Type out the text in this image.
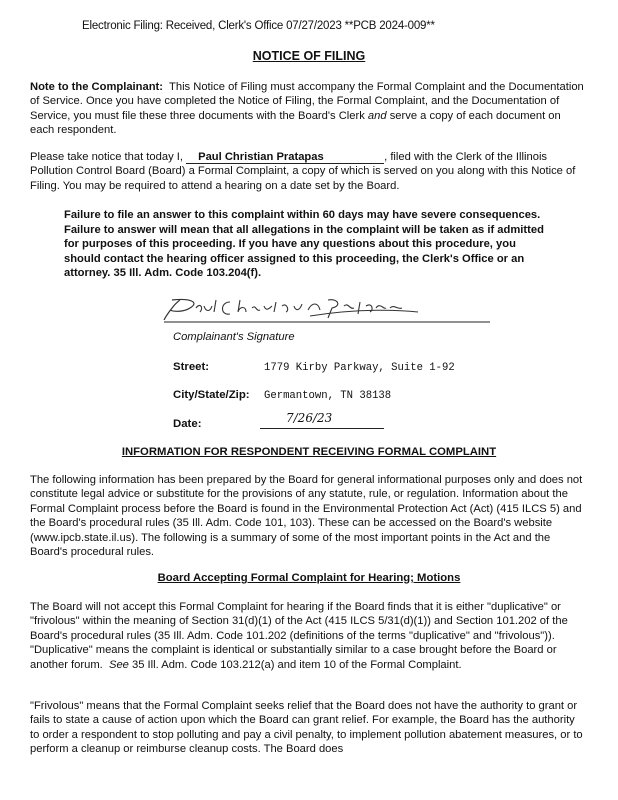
Electronic Filing: Received, Clerk's Office 07/27/2023 **PCB 2024-009**
NOTICE OF FILING

Note to the Complainant: This Notice of Filing must accompany the Formal Complaint and the Documentation of Service. Once you have completed the Notice of Filing, the Formal Complaint, and the Documentation of Service, you must file these three documents with the Board's Clerk and serve a copy of each document on each respondent.

Please take notice that today I, Paul Christian Pratapas	, filed with the Clerk of the Illinois Pollution Control Board (Board) a Formal Complaint, a copy of which is served on you along with this Notice of Filing. You may be required to attend a hearing on a date set by the Board.

Failure to file an answer to this complaint within 60 days may have severe consequences. Failure to answer will mean that all allegations in the complaint will be taken as if admitted for purposes of this proceeding. If you have any questions about this procedure, you should contact the hearing officer assigned to this proceeding, the Clerk's Office or an attorney. 35 Ill. Adm. Code 103.204(f).

Complainant's Signature
Street:	1779 Kirby Parkway, Suite 1-92
City/State/Zip: Germantown, TN 38138
Date:	7/26/23
INFORMATION FOR RESPONDENT RECEIVING FORMAL COMPLAINT

The following information has been prepared by the Board for general informational purposes only and does not constitute legal advice or substitute for the provisions of any statute, rule, or regulation. Information about the Formal Complaint process before the Board is found in the Environmental Protection Act (Act) (415 ILCS 5) and the Board's procedural rules (35 Ill. Adm. Code 101, 103). These can be accessed on the Board's website (www.ipcb.state.il.us). The following is a summary of some of the most important points in the Act and the Board's procedural rules.

Board Accepting Formal Complaint for Hearing; Motions

The Board will not accept this Formal Complaint for hearing if the Board finds that it is either "duplicative" or "frivolous" within the meaning of Section 31(d)(1) of the Act (415 ILCS 5/31(d)(1)) and Section 101.202 of the Board's procedural rules (35 Ill. Adm. Code 101.202 (definitions of the terms "duplicative" and "frivolous")). "Duplicative" means the complaint is identical or substantially similar to a case brought before the Board or another forum. See 35 Ill. Adm. Code 103.212(a) and item 10 of the Formal Complaint.

"Frivolous" means that the Formal Complaint seeks relief that the Board does not have the authority to grant or fails to state a cause of action upon which the Board can grant relief. For example, the Board has the authority to order a respondent to stop polluting and pay a civil penalty, to implement pollution abatement measures, or to perform a cleanup or reimburse cleanup costs. The Board does
